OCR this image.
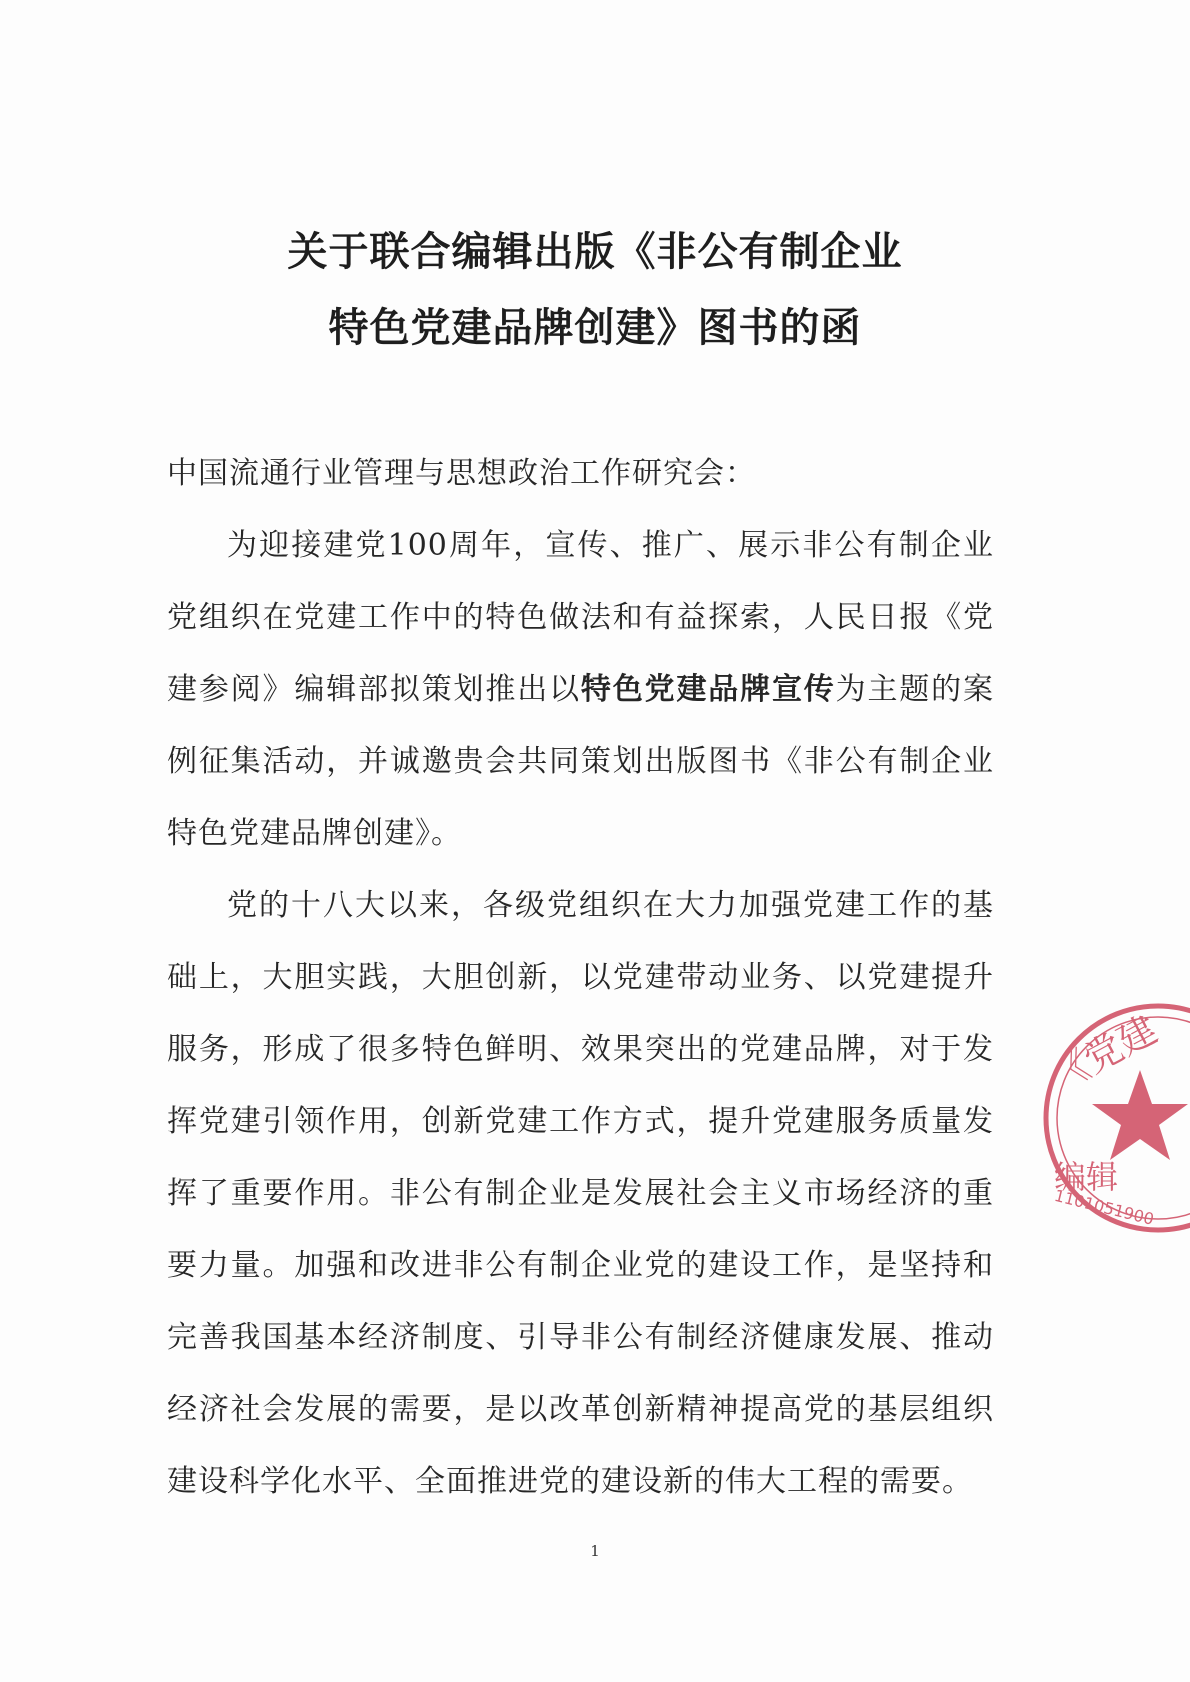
关于联合编辑出版《非公有制企业
特色党建品牌创建》图书的函

中国流通行业管理与思想政治工作研究会：

为迎接建党100周年，宣传、推广、展示非公有制企业党组织在党建工作中的特色做法和有益探索，人民日报《党建参阅》编辑部拟策划推出以特色党建品牌宣传为主题的案例征集活动，并诚邀贵会共同策划出版图书《非公有制企业特色党建品牌创建》。

党的十八大以来，各级党组织在大力加强党建工作的基础上，大胆实践，大胆创新，以党建带动业务、以党建提升服务，形成了很多特色鲜明、效果突出的党建品牌，对于发挥党建引领作用，创新党建工作方式，提升党建服务质量发挥了重要作用。非公有制企业是发展社会主义市场经济的重要力量。加强和改进非公有制企业党的建设工作，是坚持和完善我国基本经济制度、引导非公有制经济健康发展、推动经济社会发展的需要，是以改革创新精神提高党的基层组织建设科学化水平、全面推进党的建设新的伟大工程的需要。

1
《党建
编辑
1101051900
